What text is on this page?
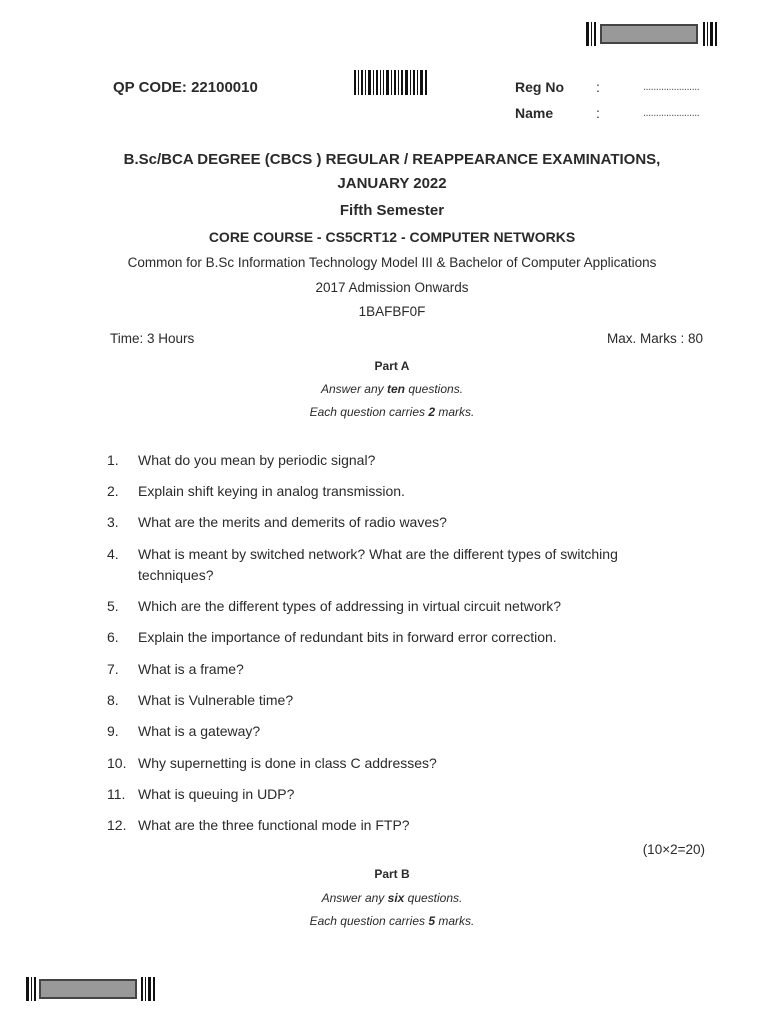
QP CODE: 22100010	Reg No :	......................
Name	:	......................
B.Sc/BCA DEGREE (CBCS ) REGULAR / REAPPEARANCE EXAMINATIONS,
JANUARY 2022
Fifth Semester
CORE COURSE - CS5CRT12 - COMPUTER NETWORKS
Common for B.Sc Information Technology Model III & Bachelor of Computer Applications
2017 Admission Onwards
1BAFBF0F
Time: 3 Hours	Max. Marks : 80
Part A
Answer any ten questions.
Each question carries 2 marks.
1. What do you mean by periodic signal?
2. Explain shift keying in analog transmission.
3. What are the merits and demerits of radio waves?
4. What is meant by switched network? What are the different types of switching techniques?
5. Which are the different types of addressing in virtual circuit network?
6. Explain the importance of redundant bits in forward error correction.
7. What is a frame?
8. What is Vulnerable time?
9. What is a gateway?
10. Why supernetting is done in class C addresses?
11. What is queuing in UDP?
12. What are the three functional mode in FTP?
(10×2=20)
Part B
Answer any six questions.
Each question carries 5 marks.
